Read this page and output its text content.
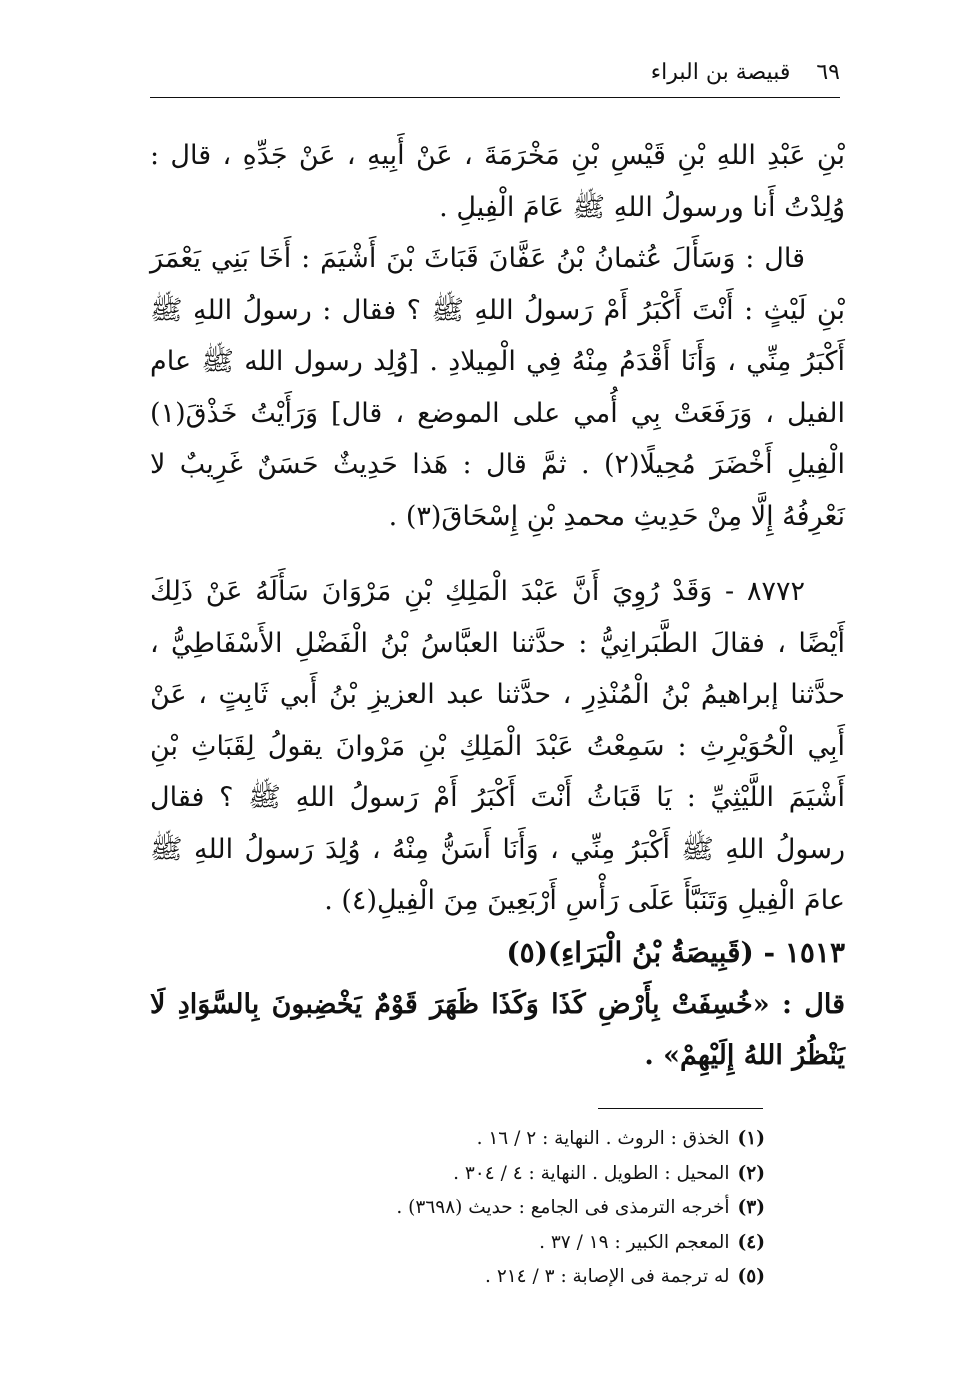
٦٩
قبيصة بن البراء

بْنِ عَبْدِ اللهِ بْنِ قَيْسِ بْنِ مَخْرَمَةَ ، عَنْ أَبِيهِ ، عَنْ جَدِّهِ ، قال : وُلِدْتُ أَنا ورسولُ اللهِ ﷺ عَامَ الْفِيلِ .

قال : وَسَأَلَ عُثمانُ بْنُ عَفَّانَ قَبَاثَ بْنَ أَشْيَمَ : أَخَا بَنِي يَعْمَرَ بْنِ لَيْثٍ : أَنْتَ أَكْبَرُ أَمْ رَسولُ اللهِ ﷺ ؟ فقال : رسولُ اللهِ ﷺ أَكْبَرُ مِنِّي ، وَأَنَا أَقْدَمُ مِنْهُ فِي الْمِيلادِ . [وُلِد رسول الله ﷺ عام الفيل ، وَرَفَعَتْ بِي أُمي على الموضع ، قال] وَرَأَيْتُ خَذْقَ(١) الْفِيلِ أَخْضَرَ مُحِيلًا(٢) . ثمَّ قال : هَذا حَدِيثٌ حَسَنٌ غَرِيبٌ لا نَعْرِفُهُ إِلَّا مِنْ حَدِيثِ محمدِ بْنِ إِسْحَاقَ(٣) .

٨٧٧٢ - وَقَدْ رُوِيَ أَنَّ عَبْدَ الْمَلِكِ بْنِ مَرْوَانَ سَأَلَهُ عَنْ ذَلِكَ أَيْضًا ، فقالَ الطَّبَرانِيُّ : حدَّثنا العبَّاسُ بْنُ الْفَضْلِ الأَسْفَاطِيُّ ، حدَّثنا إبراهيمُ بْنُ الْمُنْذِرِ ، حدَّثنا عبد العزيزِ بْنُ أَبي ثَابِتٍ ، عَنْ أَبِي الْحُوَيْرِثِ : سَمِعْتُ عَبْدَ الْمَلِكِ بْنِ مَرْوانَ يقولُ لِقَبَاثِ بْنِ أَشْيَمَ اللَّيْثِيِّ : يَا قَبَاثُ أَنْتَ أَكْبَرُ أَمْ رَسولُ اللهِ ﷺ ؟ فقال رسولُ اللهِ ﷺ أَكْبَرُ مِنِّي ، وَأَنَا أَسَنُّ مِنْهُ ، وُلِدَ رَسولُ اللهِ ﷺ عامَ الْفِيلِ وَتَنَبَّأَ عَلَى رَأْسِ أَرْبَعِينَ مِنَ الْفِيلِ(٤) .

١٥١٣ - (قَبِيصَةُ بْنُ الْبَرَاءِ)(٥)

قال : «خُسِفَتْ بِأَرْضِ كَذَا وَكَذَا ظَهَرَ قَوْمٌ يَخْضِبونَ بِالسَّوَادِ لَا يَنْظُرُ اللهُ إِلَيْهِمْ» .

(١)الخذق : الروث . النهاية : ٢ / ١٦ .
(٢)المحيل : الطويل . النهاية : ٤ / ٣٠٤ .
(٣)أخرجه الترمذى فى الجامع : حديث (٣٦٩٨) .
(٤)المعجم الكبير : ١٩ / ٣٧ .
(٥)له ترجمة فى الإصابة : ٣ / ٢١٤ .
